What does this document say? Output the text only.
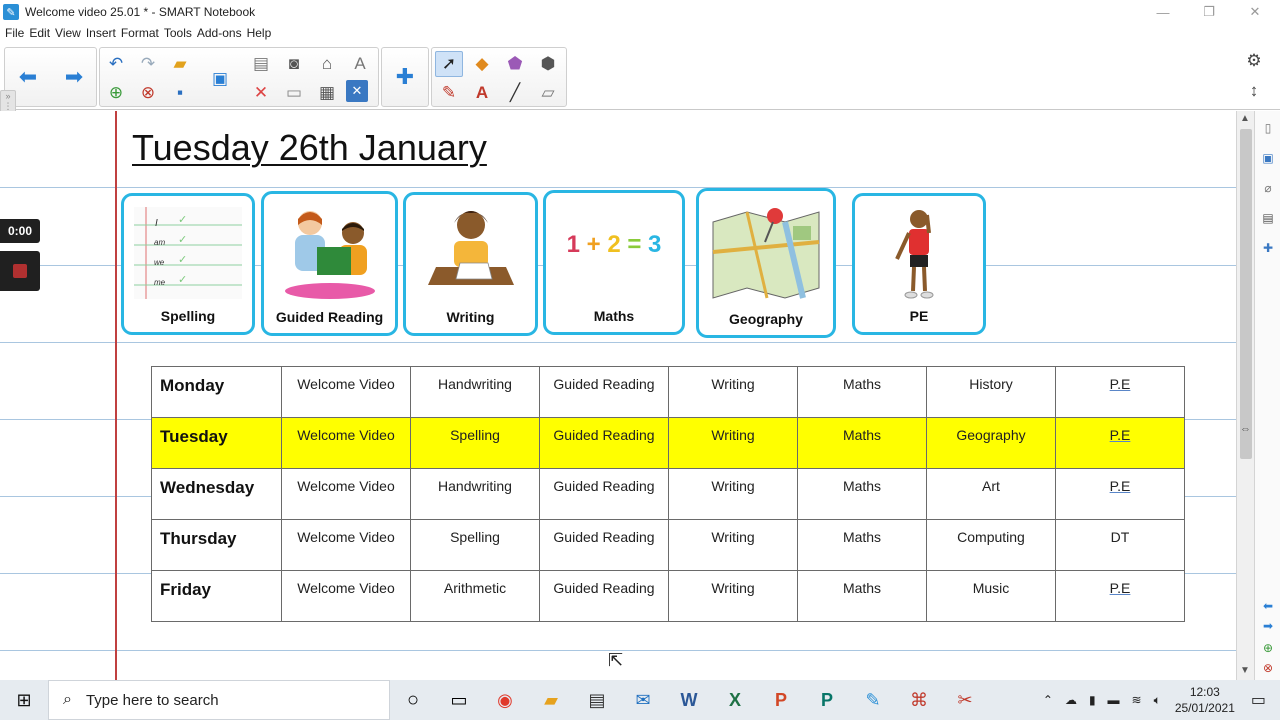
✎ Welcome video 25.01 * - SMART Notebook	—	❐	✕
File Edit View Insert Format Tools Add-ons Help
⬅ ➡
↶	↷	▰
▣
▤	◙	⌂	A
⊕	⊗	▪	✕	▭ ▦	✕
✚
➚	◆	⬟	⬢
✎	A	╱	▱
⚙
↕
»
⋮
Tuesday 26th January
✓
✓
✓
✓
I
am
we
me
Spelling	Guided Reading	Writing
1 + 2 = 3
Maths	Geography	PE
Monday	Welcome Video	Handwriting	Guided Reading	Writing	Maths	History	P.E
Tuesday	Welcome Video	Spelling	Guided Reading	Writing	Maths	Geography	P.E
Wednesday	Welcome Video	Handwriting	Guided Reading	Writing	Maths	Art	P.E
Thursday	Welcome Video	Spelling	Guided Reading	Writing	Maths	Computing	DT
Friday	Welcome Video	Arithmetic	Guided Reading	Writing	Maths	Music	P.E
0:00
▲
⇔
▼
▯
▣
⌀
▤
✚
⬅
➡
⊕
⊗
⇱
⊞	⌕ Type here to search	○	▭	◉	▰	▤	✉	W	X	P	P	✎	⌘	✂	⌃ ☁ ▮ ▬ ≋ 🔈︎
12:03
25/01/2021 ▭
